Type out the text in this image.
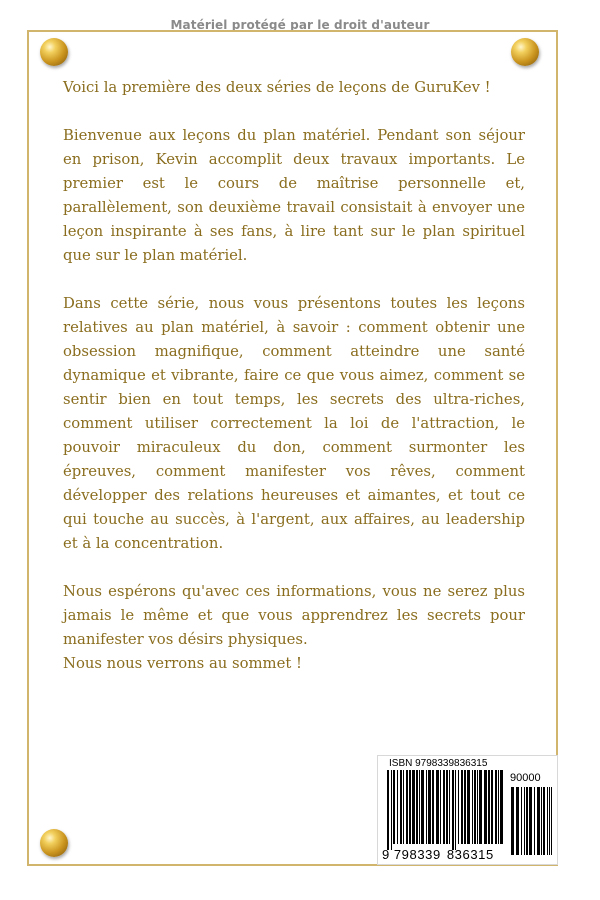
Matériel protégé par le droit d'auteur

Voici la première des deux séries de leçons de GuruKev !

Bienvenue aux leçons du plan matériel. Pendant son séjour en prison, Kevin accomplit deux travaux importants. Le premier est le cours de maîtrise personnelle et, parallèlement, son deuxième travail consistait à envoyer une leçon inspirante à ses fans, à lire tant sur le plan spirituel que sur le plan matériel.

Dans cette série, nous vous présentons toutes les leçons relatives au plan matériel, à savoir : comment obtenir une obsession magnifique, comment atteindre une santé dynamique et vibrante, faire ce que vous aimez, comment se sentir bien en tout temps, les secrets des ultra-riches, comment utiliser correctement la loi de l'attraction, le pouvoir miraculeux du don, comment surmonter les épreuves, comment manifester vos rêves, comment développer des relations heureuses et aimantes, et tout ce qui touche au succès, à l'argent, aux affaires, au leadership et à la concentration.

Nous espérons qu'avec ces informations, vous ne serez plus jamais le même et que vous apprendrez les secrets pour manifester vos désirs physiques.

Nous nous verrons au sommet !

ISBN 9798339836315
90000
9 798339 836315
